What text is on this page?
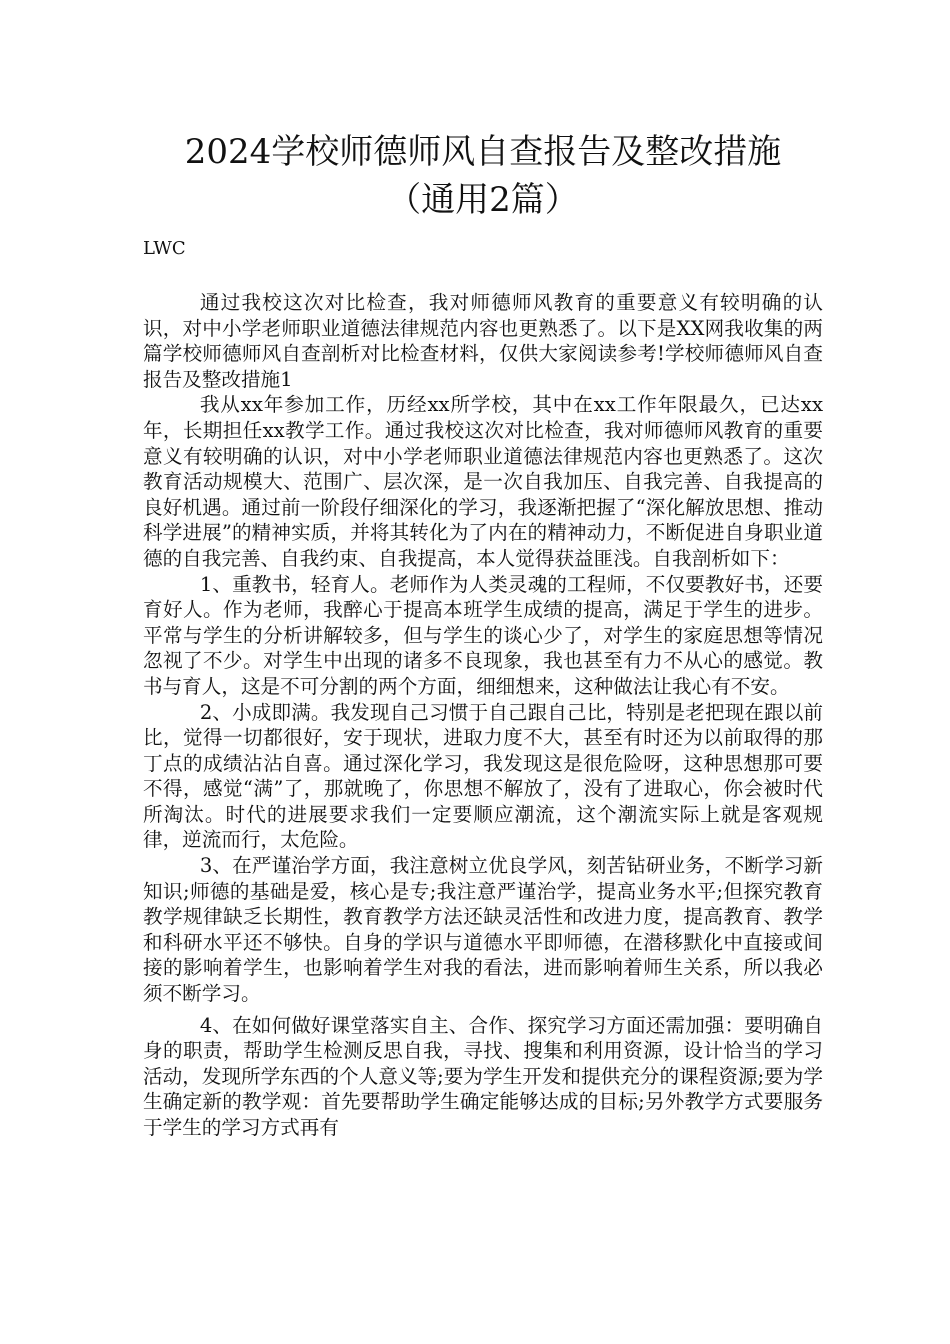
2024学校师德师风自查报告及整改措施
（通用2篇）
LWC

通过我校这次对比检查，我对师德师风教育的重要意义有较明确的认识，对中小学老师职业道德法律规范内容也更熟悉了。以下是XX网我收集的两篇学校师德师风自查剖析对比检查材料，仅供大家阅读参考!学校师德师风自查报告及整改措施1

我从xx年参加工作，历经xx所学校，其中在xx工作年限最久，已达xx年，长期担任xx教学工作。通过我校这次对比检查，我对师德师风教育的重要意义有较明确的认识，对中小学老师职业道德法律规范内容也更熟悉了。这次教育活动规模大、范围广、层次深，是一次自我加压、自我完善、自我提高的良好机遇。通过前一阶段仔细深化的学习，我逐渐把握了“深化解放思想、推动科学进展”的精神实质，并将其转化为了内在的精神动力，不断促进自身职业道德的自我完善、自我约束、自我提高，本人觉得获益匪浅。自我剖析如下：

1、重教书，轻育人。老师作为人类灵魂的工程师，不仅要教好书，还要育好人。作为老师，我醉心于提高本班学生成绩的提高，满足于学生的进步。平常与学生的分析讲解较多，但与学生的谈心少了，对学生的家庭思想等情况忽视了不少。对学生中出现的诸多不良现象，我也甚至有力不从心的感觉。教书与育人，这是不可分割的两个方面，细细想来，这种做法让我心有不安。

2、小成即满。我发现自己习惯于自己跟自己比，特别是老把现在跟以前比，觉得一切都很好，安于现状，进取力度不大，甚至有时还为以前取得的那丁点的成绩沾沾自喜。通过深化学习，我发现这是很危险呀，这种思想那可要不得，感觉“满”了，那就晚了，你思想不解放了，没有了进取心，你会被时代所淘汰。时代的进展要求我们一定要顺应潮流，这个潮流实际上就是客观规律，逆流而行，太危险。

3、在严谨治学方面，我注意树立优良学风，刻苦钻研业务，不断学习新知识;师德的基础是爱，核心是专;我注意严谨治学，提高业务水平;但探究教育教学规律缺乏长期性，教育教学方法还缺灵活性和改进力度，提高教育、教学和科研水平还不够快。自身的学识与道德水平即师德，在潜移默化中直接或间接的影响着学生，也影响着学生对我的看法，进而影响着师生关系，所以我必须不断学习。

4、在如何做好课堂落实自主、合作、探究学习方面还需加强：要明确自身的职责，帮助学生检测反思自我，寻找、搜集和利用资源，设计恰当的学习活动，发现所学东西的个人意义等;要为学生开发和提供充分的课程资源;要为学生确定新的教学观：首先要帮助学生确定能够达成的目标;另外教学方式要服务于学生的学习方式再有
